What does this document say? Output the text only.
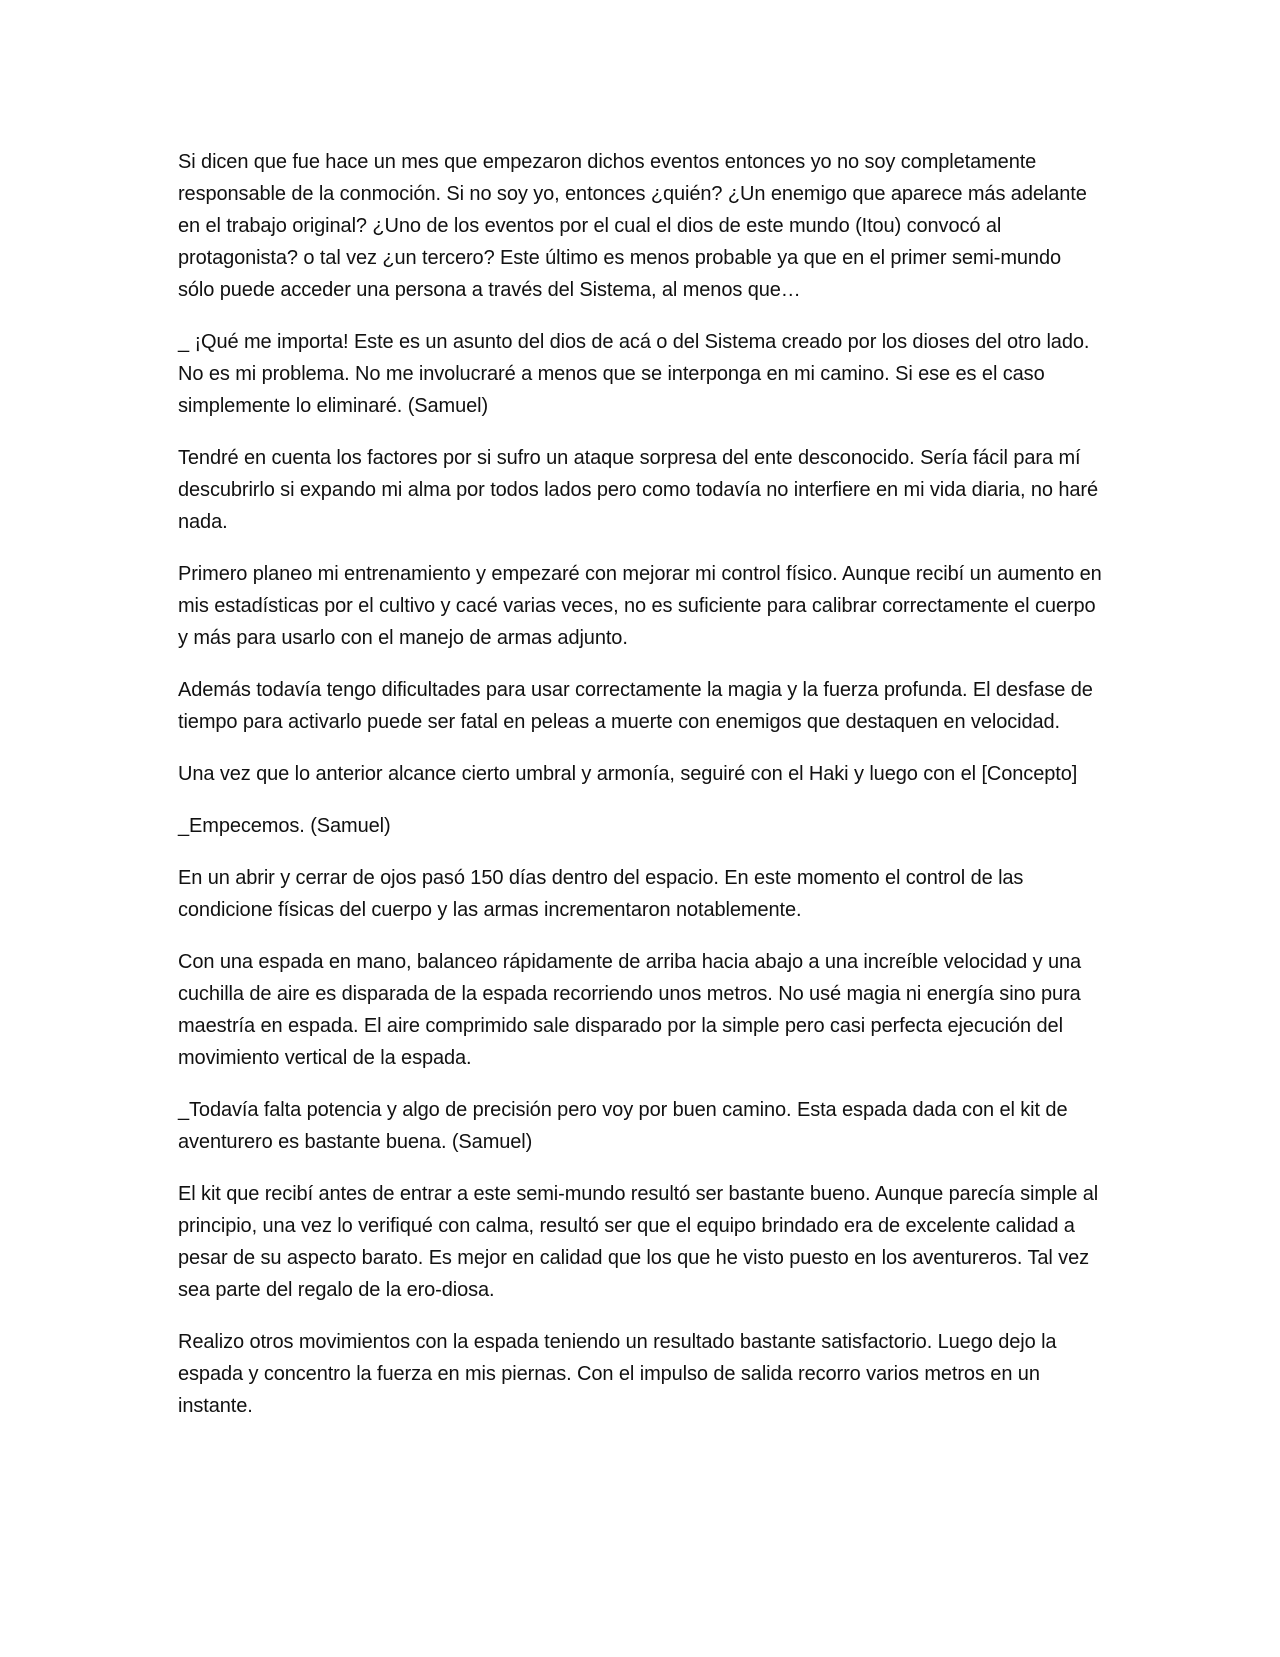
Si dicen que fue hace un mes que empezaron dichos eventos entonces yo no soy completamente responsable de la conmoción. Si no soy yo, entonces ¿quién? ¿Un enemigo que aparece más adelante en el trabajo original? ¿Uno de los eventos por el cual el dios de este mundo (Itou) convocó al protagonista? o tal vez ¿un tercero? Este último es menos probable ya que en el primer semi-mundo sólo puede acceder una persona a través del Sistema, al menos que…

_ ¡Qué me importa! Este es un asunto del dios de acá o del Sistema creado por los dioses del otro lado. No es mi problema. No me involucraré a menos que se interponga en mi camino. Si ese es el caso simplemente lo eliminaré. (Samuel)

Tendré en cuenta los factores por si sufro un ataque sorpresa del ente desconocido. Sería fácil para mí descubrirlo si expando mi alma por todos lados pero como todavía no interfiere en mi vida diaria, no haré nada.

Primero planeo mi entrenamiento y empezaré con mejorar mi control físico. Aunque recibí un aumento en mis estadísticas por el cultivo y cacé varias veces, no es suficiente para calibrar correctamente el cuerpo y más para usarlo con el manejo de armas adjunto.

Además todavía tengo dificultades para usar correctamente la magia y la fuerza profunda. El desfase de tiempo para activarlo puede ser fatal en peleas a muerte con enemigos que destaquen en velocidad.

Una vez que lo anterior alcance cierto umbral y armonía, seguiré con el Haki y luego con el [Concepto]

_Empecemos. (Samuel)

En un abrir y cerrar de ojos pasó 150 días dentro del espacio. En este momento el control de las condicione físicas del cuerpo y las armas incrementaron notablemente.

Con una espada en mano, balanceo rápidamente de arriba hacia abajo a una increíble velocidad y una cuchilla de aire es disparada de la espada recorriendo unos metros. No usé magia ni energía sino pura maestría en espada. El aire comprimido sale disparado por la simple pero casi perfecta ejecución del movimiento vertical de la espada.

_Todavía falta potencia y algo de precisión pero voy por buen camino. Esta espada dada con el kit de aventurero es bastante buena. (Samuel)

El kit que recibí antes de entrar a este semi-mundo resultó ser bastante bueno. Aunque parecía simple al principio, una vez lo verifiqué con calma, resultó ser que el equipo brindado era de excelente calidad a pesar de su aspecto barato. Es mejor en calidad que los que he visto puesto en los aventureros. Tal vez sea parte del regalo de la ero-diosa.

Realizo otros movimientos con la espada teniendo un resultado bastante satisfactorio. Luego dejo la espada y concentro la fuerza en mis piernas. Con el impulso de salida recorro varios metros en un instante.
